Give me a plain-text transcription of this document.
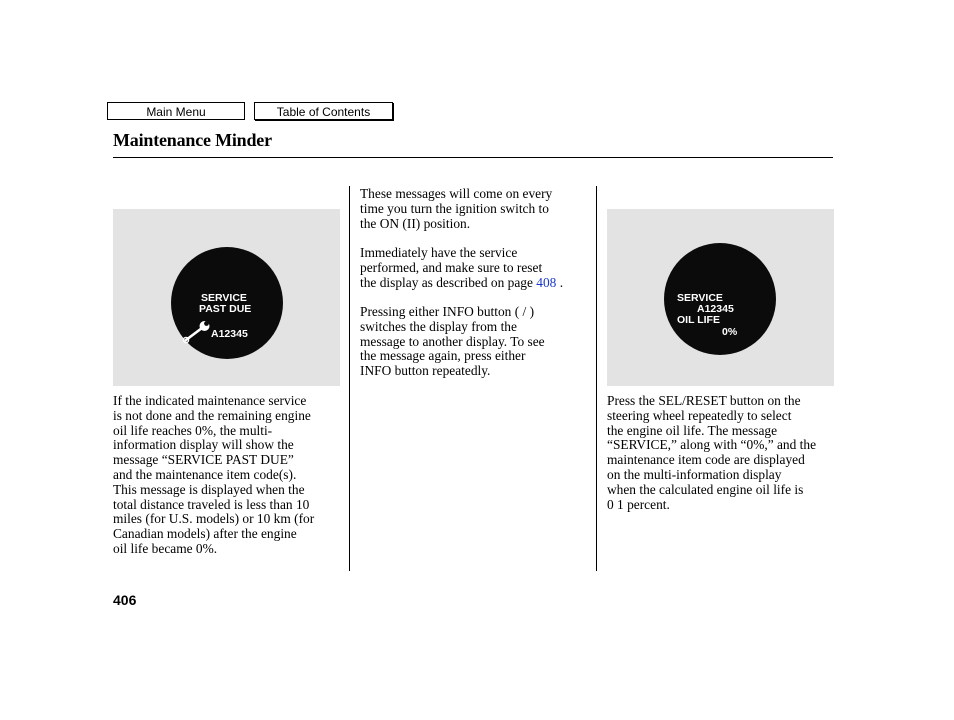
Main Menu	Table of Contents
Maintenance Minder
SERVICE
PAST DUE
A12345
If the indicated maintenance service
is not done and the remaining engine
oil life reaches 0%, the multi-
information display will show the
message “SERVICE PAST DUE”
and the maintenance item code(s).
This message is displayed when the
total distance traveled is less than 10
miles (for U.S. models) or 10 km (for
Canadian models) after the engine
oil life became 0%.
These messages will come on every
time you turn the ignition switch to
the ON (II) position.
Immediately have the service
performed, and make sure to reset
the display as described on page 408 .
Pressing either INFO button ( / )
switches the display from the
message to another display. To see
the message again, press either
INFO button repeatedly.
SERVICE
A12345
OIL LIFE
0%
Press the SEL/RESET button on the
steering wheel repeatedly to select
the engine oil life. The message
“SERVICE,” along with “0%,” and the
maintenance item code are displayed
on the multi-information display
when the calculated engine oil life is
0 1 percent.
406
